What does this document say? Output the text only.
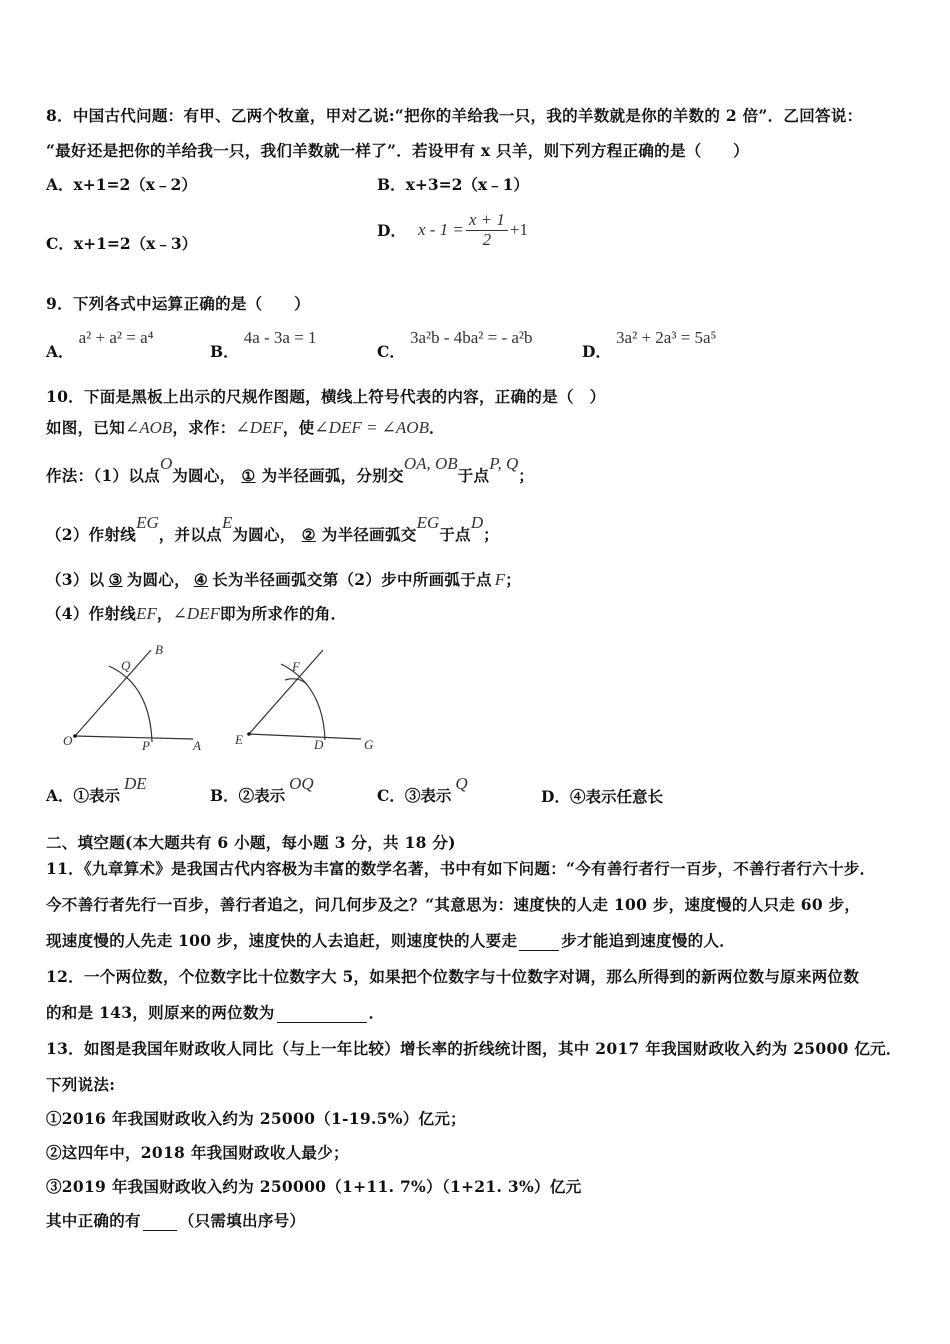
8．中国古代问题：有甲、乙两个牧童，甲对乙说:“把你的羊给我一只，我的羊数就是你的羊数的 2 倍”．乙回答说：
“最好还是把你的羊给我一只，我们羊数就一样了”．若设甲有 x 只羊，则下列方程正确的是（　　）
A．x+1=2（x﹣2）	B．x+3=2（x﹣1）
C．x+1=2（x﹣3）
D． $x - 1 = \frac{x + 1}{2} +1$
9．下列各式中运算正确的是（　　）
A． a² + a² = a⁴
B． 4a - 3a = 1
C． 3a²b - 4ba² = - a²b
D． 3a² + 2a³ = 5a⁵
10．下面是黑板上出示的尺规作图题，横线上符号代表的内容，正确的是（　）
如图，已知∠AOB，求作：∠DEF，使∠DEF = ∠AOB．
作法：（1）以点O为圆心， ① 为半径画弧，分别交OA, OB于点P, Q；
（2）作射线EG，并以点E为圆心， ② 为半径画弧交EG于点D；
（3）以 ③ 为圆心， ④ 长为半径画弧交第（2）步中所画弧于点 F；
（4）作射线EF，∠DEF即为所求作的角．
B
Q
O	P	A
F
E	D	G
A．①表示DE
B．②表示OQ
C．③表示Q
D．④表示任意长
二、填空题(本大题共有 6 小题，每小题 3 分，共 18 分)
11．《九章算术》是我国古代内容极为丰富的数学名著，书中有如下问题：“今有善行者行一百步，不善行者行六十步．
今不善行者先行一百步，善行者追之，问几何步及之？“其意思为：速度快的人走 100 步，速度慢的人只走 60 步，
现速度慢的人先走 100 步，速度快的人去追赶，则速度快的人要走	步才能追到速度慢的人．
12．一个两位数，个位数字比十位数字大 5，如果把个位数字与十位数字对调，那么所得到的新两位数与原来两位数
的和是 143，则原来的两位数为	．
13．如图是我国年财政收人同比（与上一年比较）增长率的折线统计图，其中 2017 年我国财政收入约为 25000 亿元．
下列说法:
①2016 年我国财政收入约为 25000（1-19.5%）亿元；
②这四年中，2018 年我国财政收人最少；
③2019 年我国财政收入约为 250000（1+11. 7%）（1+21. 3%）亿元
其中正确的有 （只需填出序号）
